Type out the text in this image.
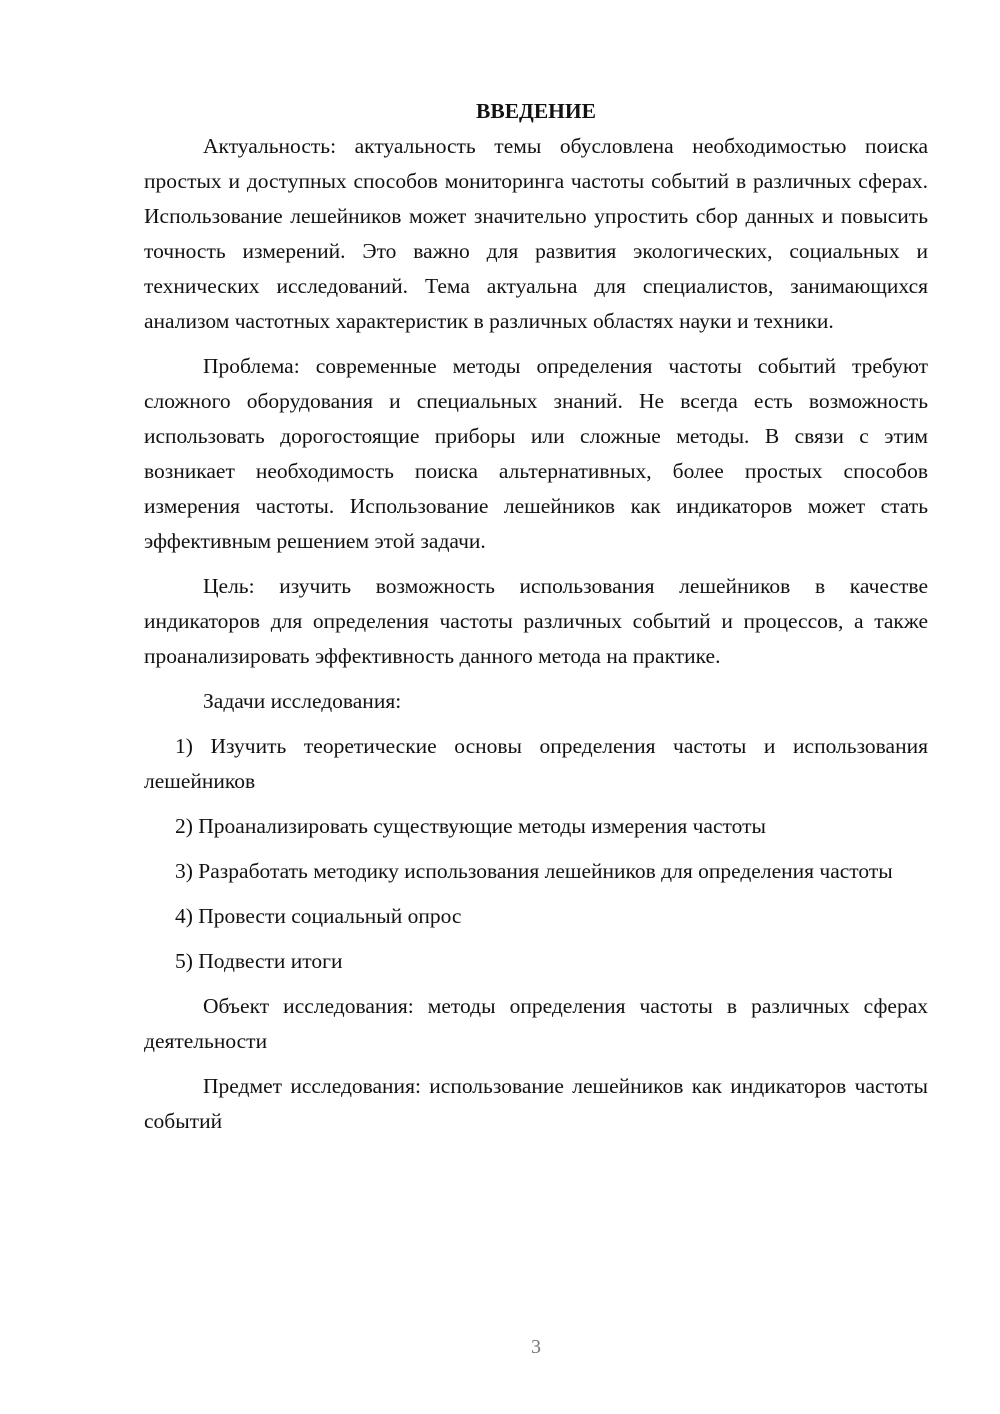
ВВЕДЕНИЕ

Актуальность: актуальность темы обусловлена необходимостью поиска простых и доступных способов мониторинга частоты событий в различных сферах. Использование лешейников может значительно упростить сбор данных и повысить точность измерений. Это важно для развития экологических, социальных и технических исследований. Тема актуальна для специалистов, занимающихся анализом частотных характеристик в различных областях науки и техники.

Проблема: современные методы определения частоты событий требуют сложного оборудования и специальных знаний. Не всегда есть возможность использовать дорогостоящие приборы или сложные методы. В связи с этим возникает необходимость поиска альтернативных, более простых способов измерения частоты. Использование лешейников как индикаторов может стать эффективным решением этой задачи.

Цель: изучить возможность использования лешейников в качестве индикаторов для определения частоты различных событий и процессов, а также проанализировать эффективность данного метода на практике.

Задачи исследования:

1) Изучить теоретические основы определения частоты и использования лешейников

2) Проанализировать существующие методы измерения частоты

3) Разработать методику использования лешейников для определения частоты

4) Провести социальный опрос

5) Подвести итоги

Объект исследования: методы определения частоты в различных сферах деятельности

Предмет исследования: использование лешейников как индикаторов частоты событий

3
